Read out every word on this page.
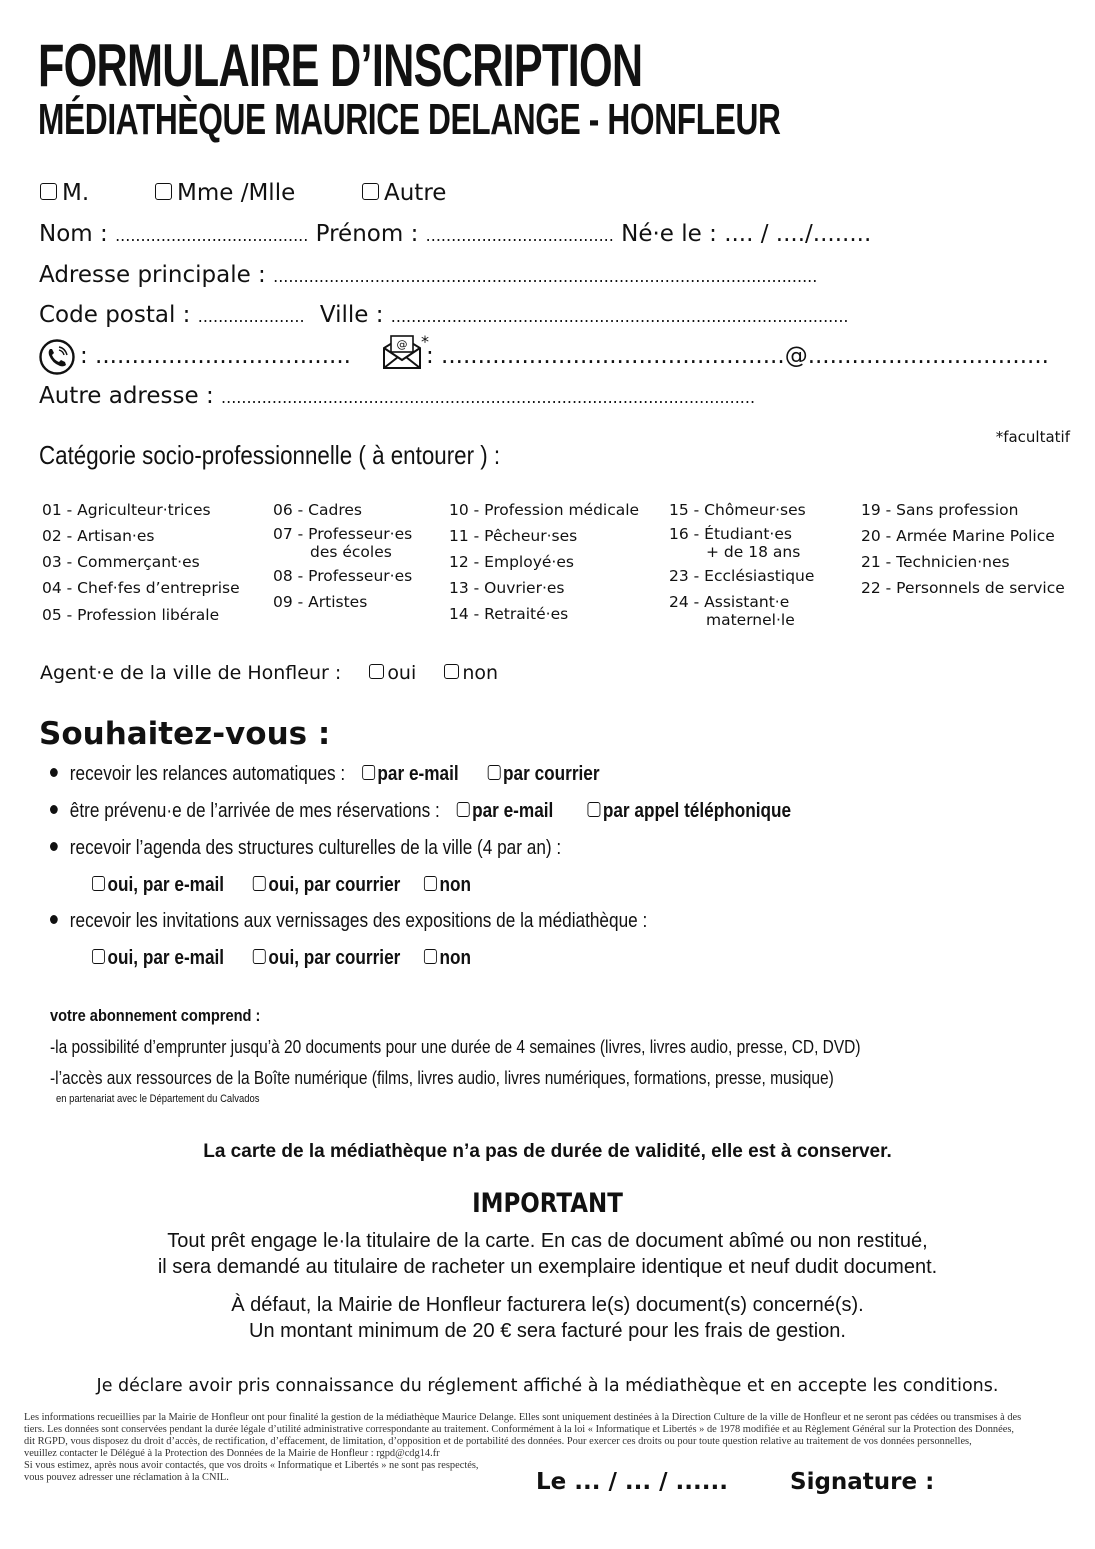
FORMULAIRE D’INSCRIPTION
MÉDIATHÈQUE MAURICE DELANGE - HONFLEUR
M.	Mme /Mlle	Autre
Nom : ...................................... Prénom : ..................................... Né·e le : .... / ..../........
Adresse principale : ...........................................................................................................
Code postal : ..................... Ville : ..........................................................................................
: ...................................	@ *
: ...............................................@.................................
Autre adresse : .........................................................................................................
*facultatif
Catégorie socio-professionnelle ( à entourer ) :
01 - Agriculteur·trices
02 - Artisan·es
03 - Commerçant·es
04 - Chef·fes d’entreprise
05 - Profession libérale
06 - Cadres
07 - Professeur·es
des écoles
08 - Professeur·es
09 - Artistes
10 - Profession médicale
11 - Pêcheur·ses
12 - Employé·es
13 - Ouvrier·es
14 - Retraité·es
15 - Chômeur·ses
16 - Étudiant·es
+ de 18 ans
23 - Ecclésiastique
24 - Assistant·e
maternel·le
19 - Sans profession
20 - Armée Marine Police
21 - Technicien·nes
22 - Personnels de service
Agent·e de la ville de Honfleur : oui non
Souhaitez-vous :
recevoir les relances automatiques : par e-mail par courrier
être prévenu·e de l’arrivée de mes réservations : par e-mail par appel téléphonique
recevoir l’agenda des structures culturelles de la ville (4 par an) :
oui, par e-mail oui, par courrier non
recevoir les invitations aux vernissages des expositions de la médiathèque :
oui, par e-mail oui, par courrier non
votre abonnement comprend :
-la possibilité d’emprunter jusqu’à 20 documents pour une durée de 4 semaines (livres, livres audio, presse, CD, DVD)
-l’accès aux ressources de la Boîte numérique (films, livres audio, livres numériques, formations, presse, musique)
en partenariat avec le Département du Calvados
La carte de la médiathèque n’a pas de durée de validité, elle est à conserver.
IMPORTANT
Tout prêt engage le·la titulaire de la carte. En cas de document abîmé ou non restitué,
il sera demandé au titulaire de racheter un exemplaire identique et neuf dudit document.
À défaut, la Mairie de Honfleur facturera le(s) document(s) concerné(s).
Un montant minimum de 20 € sera facturé pour les frais de gestion.
Je déclare avoir pris connaissance du réglement affiché à la médiathèque et en accepte les conditions.
Les informations recueillies par la Mairie de Honfleur ont pour finalité la gestion de la médiathèque Maurice Delange. Elles sont uniquement destinées à la Direction Culture de la ville de Honfleur et ne seront pas cédées ou transmises à des
tiers. Les données sont conservées pendant la durée légale d’utilité administrative correspondante au traitement. Conformément à la loi « Informatique et Libertés » de 1978 modifiée et au Règlement Général sur la Protection des Données,
dit RGPD, vous disposez du droit d’accès, de rectification, d’effacement, de limitation, d’opposition et de portabilité des données. Pour exercer ces droits ou pour toute question relative au traitement de vos données personnelles,
veuillez contacter le Délégué à la Protection des Données de la Mairie de Honfleur : rgpd@cdg14.fr
Si vous estimez, après nous avoir contactés, que vos droits « Informatique et Libertés » ne sont pas respectés,
vous pouvez adresser une réclamation à la CNIL.	Le ... / ... / ......	Signature :
